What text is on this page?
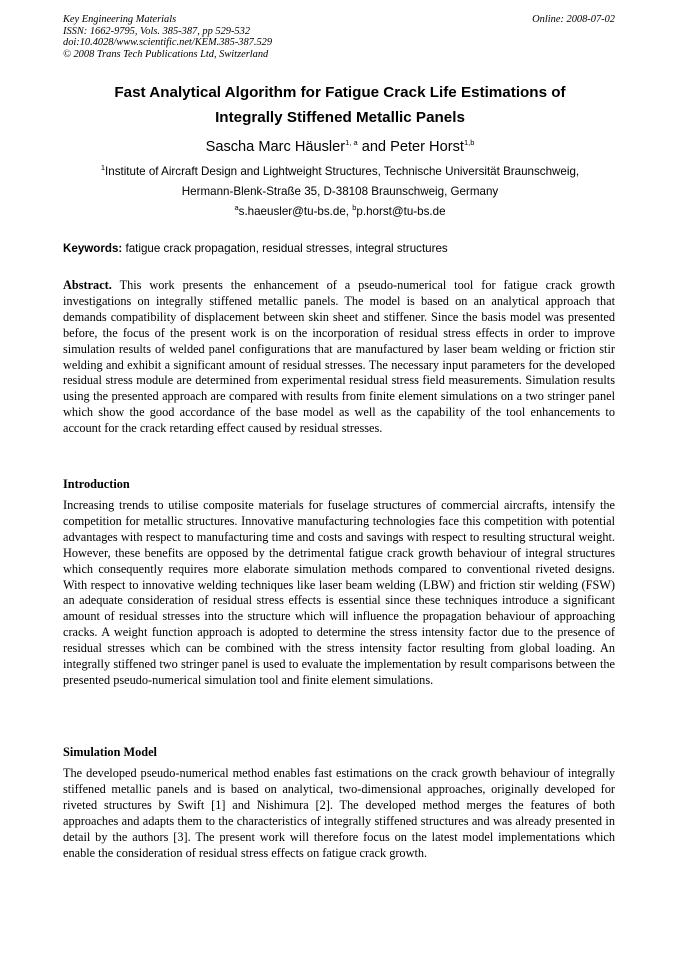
Key Engineering Materials
ISSN: 1662-9795, Vols. 385-387, pp 529-532
doi:10.4028/www.scientific.net/KEM.385-387.529
© 2008 Trans Tech Publications Ltd, Switzerland
Online: 2008-07-02
Fast Analytical Algorithm for Fatigue Crack Life Estimations of
Integrally Stiffened Metallic Panels
Sascha Marc Häusler$^{1, a}$ and Peter Horst$^{1,b}$
$^1$Institute of Aircraft Design and Lightweight Structures, Technische Universität Braunschweig,
Hermann-Blenk-Straße 35, D-38108 Braunschweig, Germany
$^a$s.haeusler@tu-bs.de, $^b$p.horst@tu-bs.de
Keywords: fatigue crack propagation, residual stresses, integral structures

Abstract. This work presents the enhancement of a pseudo-numerical tool for fatigue crack growth investigations on integrally stiffened metallic panels. The model is based on an analytical approach that demands compatibility of displacement between skin sheet and stiffener. Since the basis model was presented before, the focus of the present work is on the incorporation of residual stress effects in order to improve simulation results of welded panel configurations that are manufactured by laser beam welding or friction stir welding and exhibit a significant amount of residual stresses. The necessary input parameters for the developed residual stress module are determined from experimental residual stress field measurements. Simulation results using the presented approach are compared with results from finite element simulations on a two stringer panel which show the good accordance of the base model as well as the capability of the tool enhancements to account for the crack retarding effect caused by residual stresses.

Introduction

Increasing trends to utilise composite materials for fuselage structures of commercial aircrafts, intensify the competition for metallic structures. Innovative manufacturing technologies face this competition with potential advantages with respect to manufacturing time and costs and savings with respect to resulting structural weight. However, these benefits are opposed by the detrimental fatigue crack growth behaviour of integral structures which consequently requires more elaborate simulation methods compared to conventional riveted designs. With respect to innovative welding techniques like laser beam welding (LBW) and friction stir welding (FSW) an adequate consideration of residual stress effects is essential since these techniques introduce a significant amount of residual stresses into the structure which will influence the propagation behaviour of approaching cracks. A weight function approach is adopted to determine the stress intensity factor due to the presence of residual stresses which can be combined with the stress intensity factor resulting from global loading. An integrally stiffened two stringer panel is used to evaluate the implementation by result comparisons between the presented pseudo-numerical simulation tool and finite element simulations.

Simulation Model

The developed pseudo-numerical method enables fast estimations on the crack growth behaviour of integrally stiffened metallic panels and is based on analytical, two-dimensional approaches, originally developed for riveted structures by Swift [1] and Nishimura [2]. The developed method merges the features of both approaches and adapts them to the characteristics of integrally stiffened structures and was already presented in detail by the authors [3]. The present work will therefore focus on the latest model implementations which enable the consideration of residual stress effects on fatigue crack growth.
